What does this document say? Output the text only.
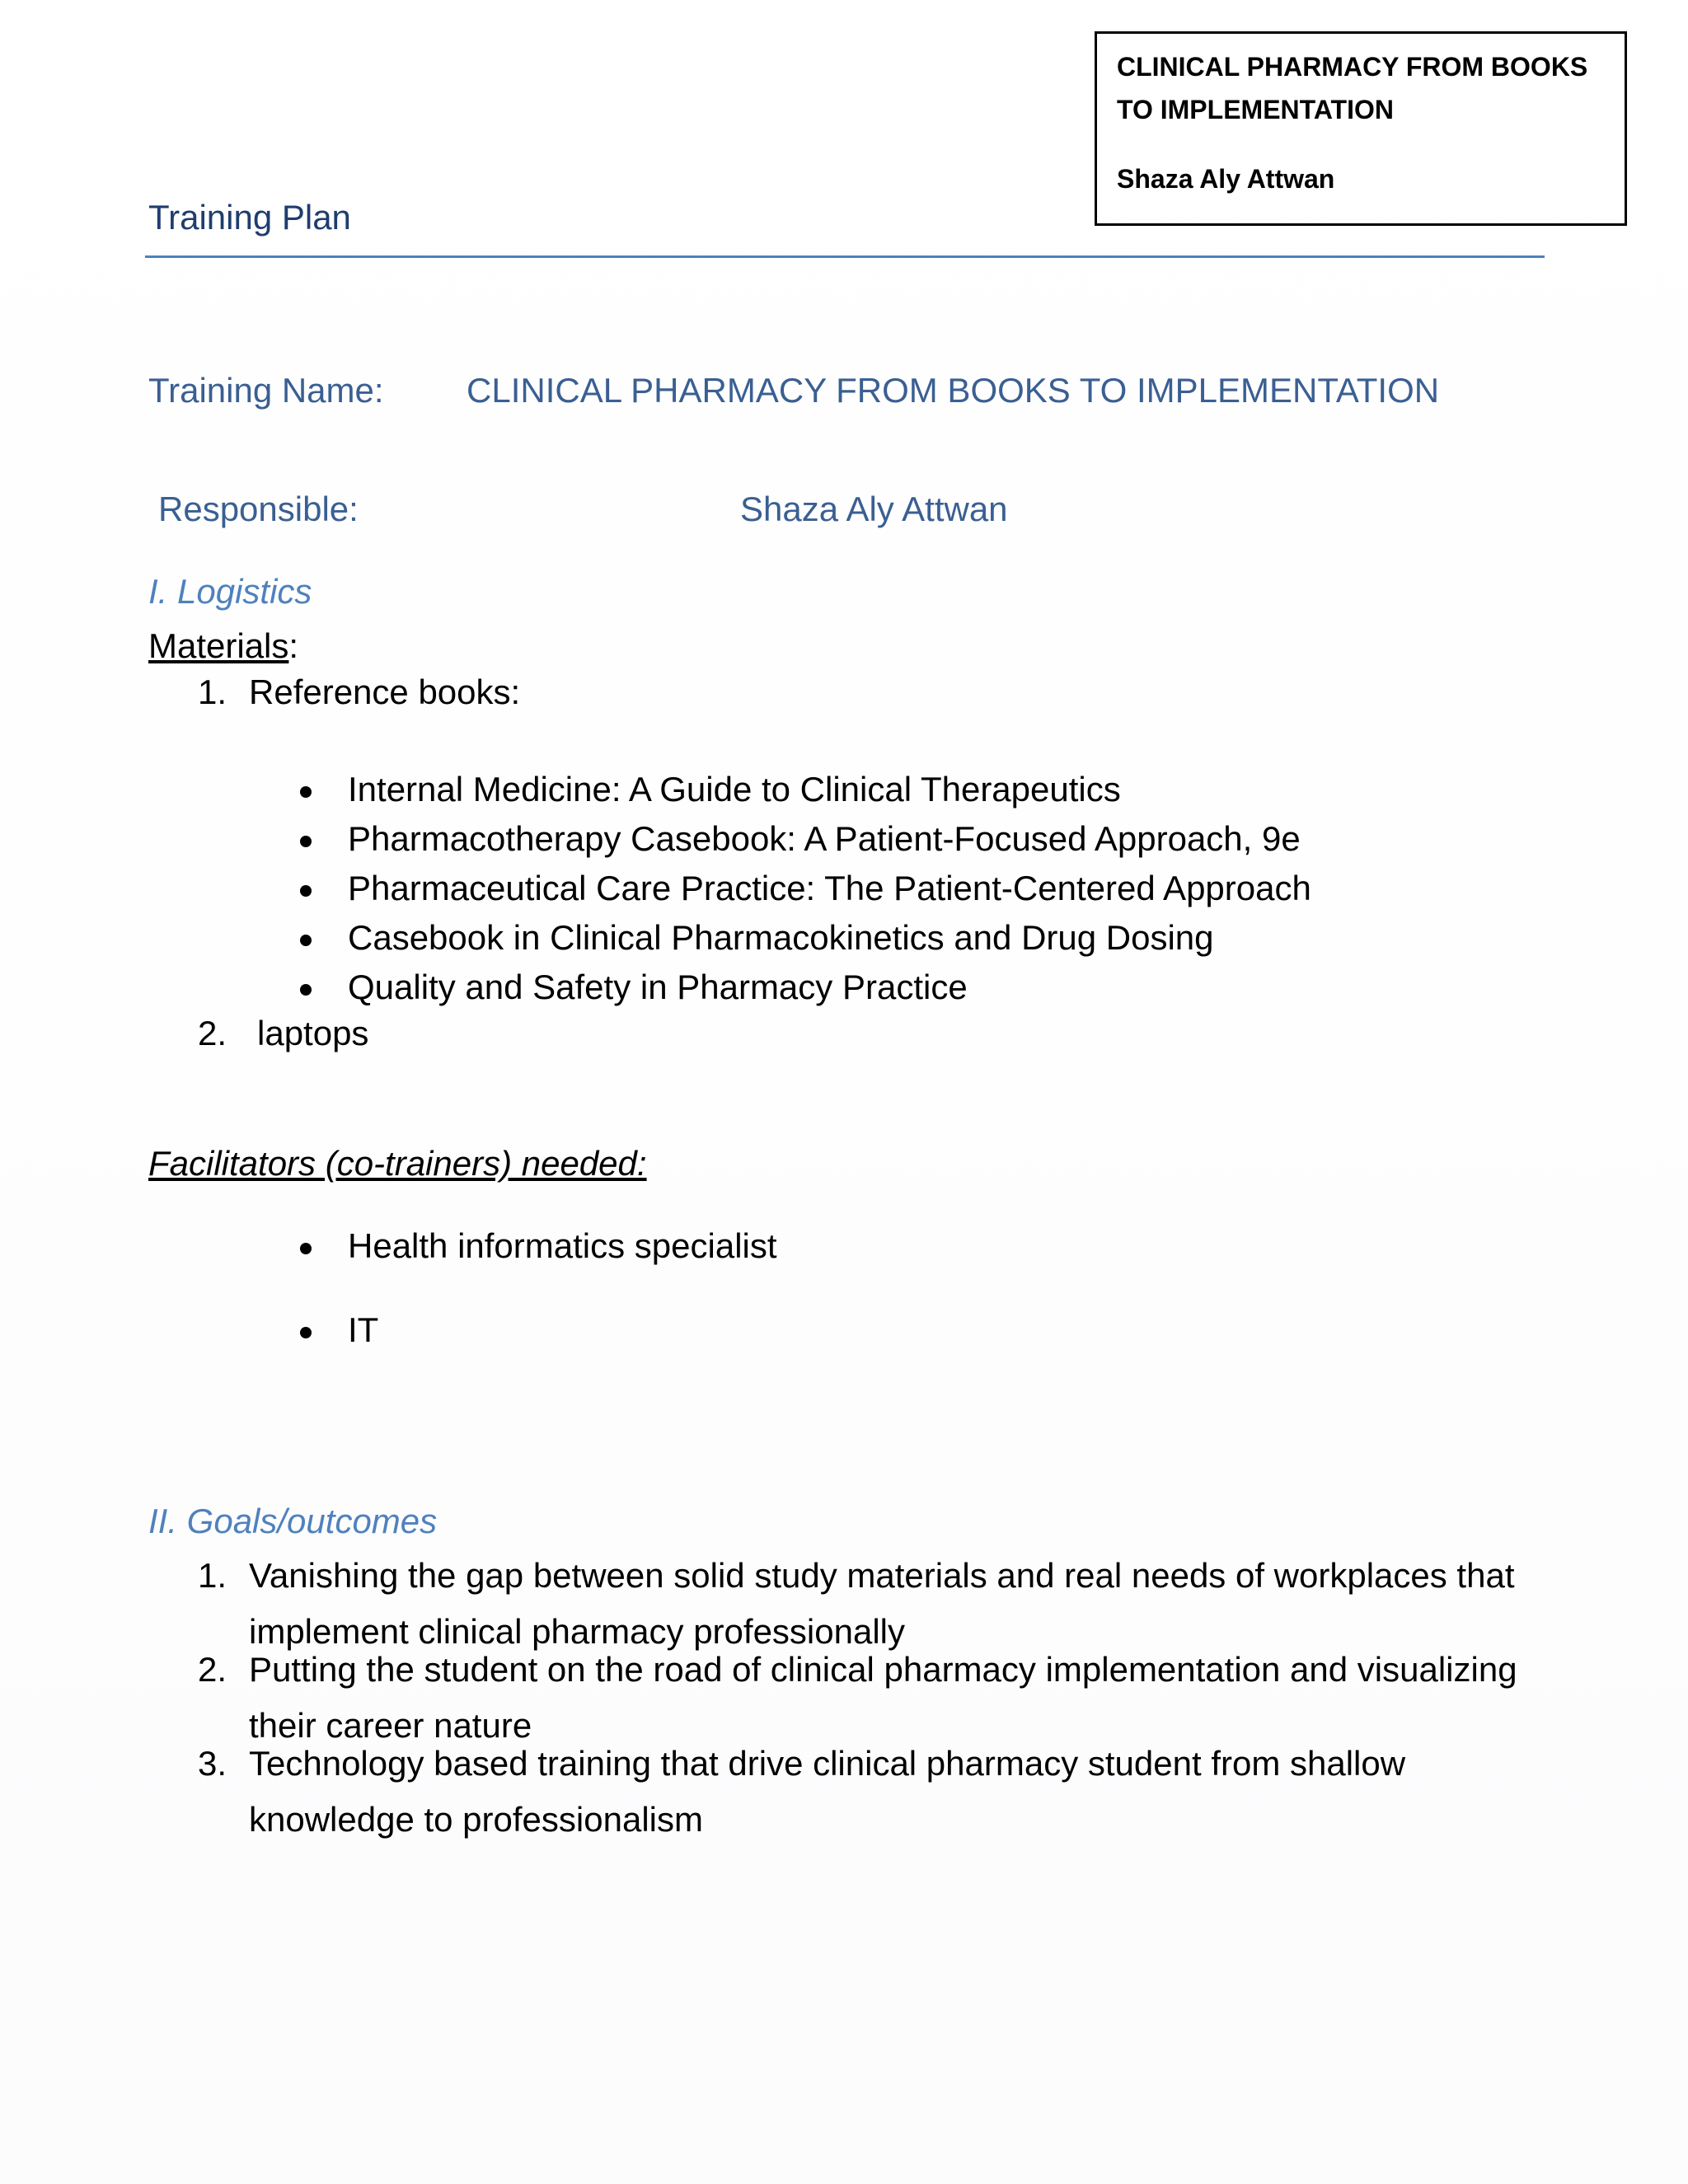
CLINICAL PHARMACY FROM BOOKS TO IMPLEMENTATION
Shaza Aly Attwan
Training Plan
Training Name: CLINICAL PHARMACY FROM BOOKS TO IMPLEMENTATION
Responsible:	Shaza Aly Attwan
I. Logistics
Materials:
1. Reference books:
Internal Medicine: A Guide to Clinical Therapeutics
Pharmacotherapy Casebook: A Patient-Focused Approach, 9e
Pharmaceutical Care Practice: The Patient-Centered Approach
Casebook in Clinical Pharmacokinetics and Drug Dosing
Quality and Safety in Pharmacy Practice
2. laptops
Facilitators (co-trainers) needed:
Health informatics specialist
IT
II. Goals/outcomes
1. Vanishing the gap between solid study materials and real needs of workplaces that implement clinical pharmacy professionally
2. Putting the student on the road of clinical pharmacy implementation and visualizing their career nature
3. Technology based training that drive clinical pharmacy student from shallow knowledge to professionalism
